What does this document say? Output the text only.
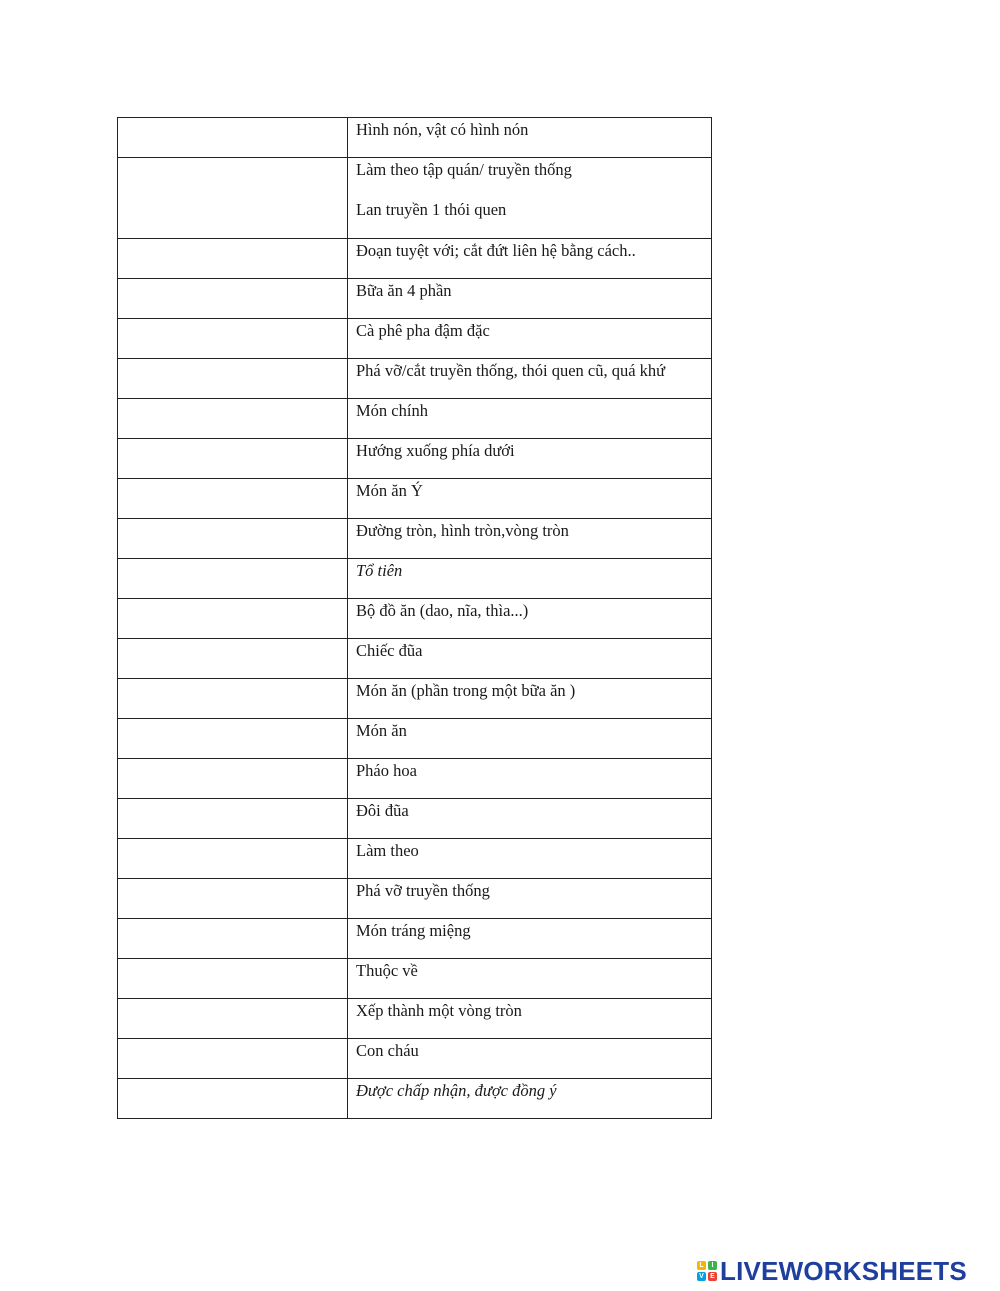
Hình nón, vật có hình nón

Làm theo tập quán/ truyền thống
Lan truyền 1 thói quen

Đoạn tuyệt với; cắt đứt liên hệ bằng cách..

Bữa ăn 4 phần

Cà phê pha đậm đặc

Phá vỡ/cắt truyền thống, thói quen cũ, quá khứ

Món chính

Hướng xuống phía dưới

Món ăn Ý

Đường tròn, hình tròn,vòng tròn

Tổ tiên

Bộ đồ ăn (dao, nĩa, thìa...)

Chiếc đũa

Món ăn (phần trong một bữa ăn )

Món ăn

Pháo hoa

Đôi đũa

Làm theo

Phá vỡ truyền thống

Món tráng miệng

Thuộc về

Xếp thành một vòng tròn

Con cháu

Được chấp nhận, được đồng ý
L	I
V E LIVEWORKSHEETS
